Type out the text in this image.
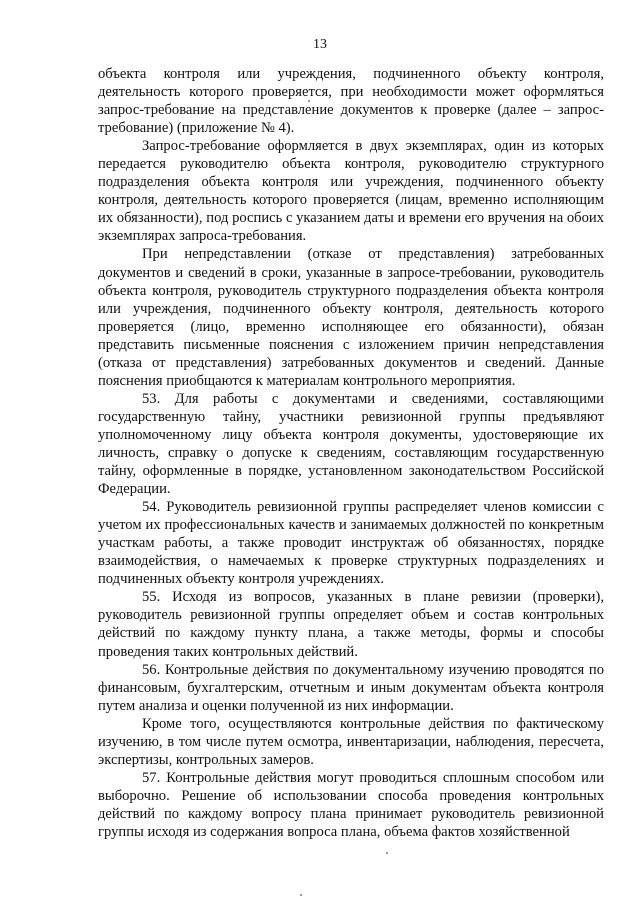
13

объекта контроля или учреждения, подчиненного объекту контроля, деятельность которого проверяется, при необходимости может оформляться запрос-требование на представление документов к проверке (далее – запрос-требование) (приложение № 4).

Запрос-требование оформляется в двух экземплярах, один из которых передается руководителю объекта контроля, руководителю структурного подразделения объекта контроля или учреждения, подчиненного объекту контроля, деятельность которого проверяется (лицам, временно исполняющим их обязанности), под роспись с указанием даты и времени его вручения на обоих экземплярах запроса-требования.

При непредставлении (отказе от представления) затребованных документов и сведений в сроки, указанные в запросе-требовании, руководитель объекта контроля, руководитель структурного подразделения объекта контроля или учреждения, подчиненного объекту контроля, деятельность которого проверяется (лицо, временно исполняющее его обязанности), обязан представить письменные пояснения с изложением причин непредставления (отказа от представления) затребованных документов и сведений. Данные пояснения приобщаются к материалам контрольного мероприятия.

53. Для работы с документами и сведениями, составляющими государственную тайну, участники ревизионной группы предъявляют уполномоченному лицу объекта контроля документы, удостоверяющие их личность, справку о допуске к сведениям, составляющим государственную тайну, оформленные в порядке, установленном законодательством Российской Федерации.

54. Руководитель ревизионной группы распределяет членов комиссии с учетом их профессиональных качеств и занимаемых должностей по конкретным участкам работы, а также проводит инструктаж об обязанностях, порядке взаимодействия, о намечаемых к проверке структурных подразделениях и подчиненных объекту контроля учреждениях.

55. Исходя из вопросов, указанных в плане ревизии (проверки), руководитель ревизионной группы определяет объем и состав контрольных действий по каждому пункту плана, а также методы, формы и способы проведения таких контрольных действий.

56. Контрольные действия по документальному изучению проводятся по финансовым, бухгалтерским, отчетным и иным документам объекта контроля путем анализа и оценки полученной из них информации.

Кроме того, осуществляются контрольные действия по фактическому изучению, в том числе путем осмотра, инвентаризации, наблюдения, пересчета, экспертизы, контрольных замеров.

57. Контрольные действия могут проводиться сплошным способом или выборочно. Решение об использовании способа проведения контрольных действий по каждому вопросу плана принимает руководитель ревизионной группы исходя из содержания вопроса плана, объема фактов хозяйственной
